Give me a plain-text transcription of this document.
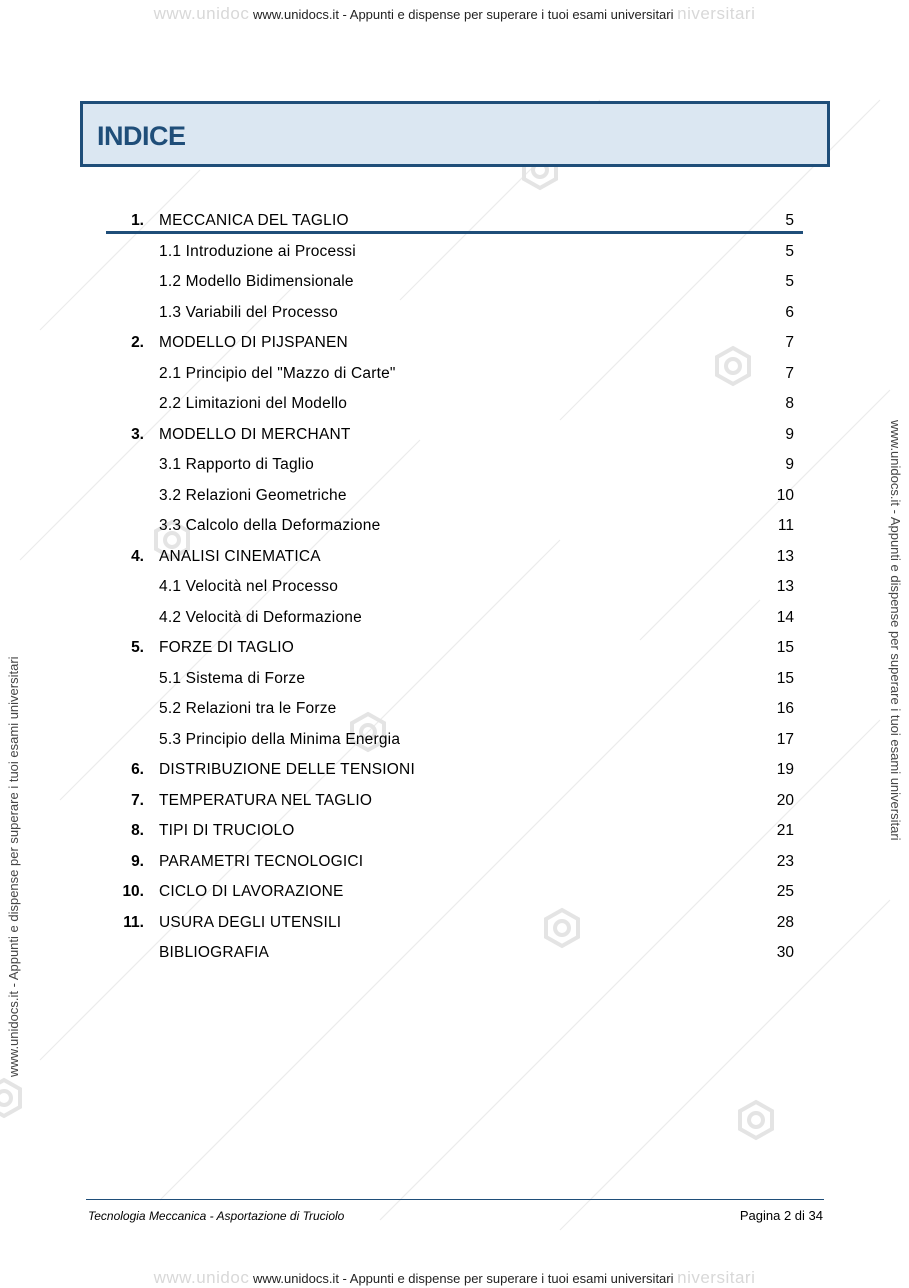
www.unidoc www.unidocs.it - Appunti e dispense per superare i tuoi esami universitari niversitari
www.unidoc www.unidocs.it - Appunti e dispense per superare i tuoi esami universitari niversitari
www.unidocs.it - Appunti e dispense per superare i tuoi esami universitari
www.unidocs.it - Appunti e dispense per superare i tuoi esami universitari
INDICE
1. MECCANICA DEL TAGLIO	5
1.1 Introduzione ai Processi	5
1.2 Modello Bidimensionale	5
1.3 Variabili del Processo	6
2. MODELLO DI PIJSPANEN	7
2.1 Principio del "Mazzo di Carte"	7
2.2 Limitazioni del Modello	8
3. MODELLO DI MERCHANT	9
3.1 Rapporto di Taglio	9
3.2 Relazioni Geometriche	10
3.3 Calcolo della Deformazione	11
4. ANALISI CINEMATICA	13
4.1 Velocità nel Processo	13
4.2 Velocità di Deformazione	14
5. FORZE DI TAGLIO	15
5.1 Sistema di Forze	15
5.2 Relazioni tra le Forze	16
5.3 Principio della Minima Energia	17
6. DISTRIBUZIONE DELLE TENSIONI	19
7. TEMPERATURA NEL TAGLIO	20
8. TIPI DI TRUCIOLO	21
9. PARAMETRI TECNOLOGICI	23
10. CICLO DI LAVORAZIONE	25
11. USURA DEGLI UTENSILI	28
BIBLIOGRAFIA	30
Tecnologia Meccanica - Asportazione di Truciolo	Pagina 2 di 34
